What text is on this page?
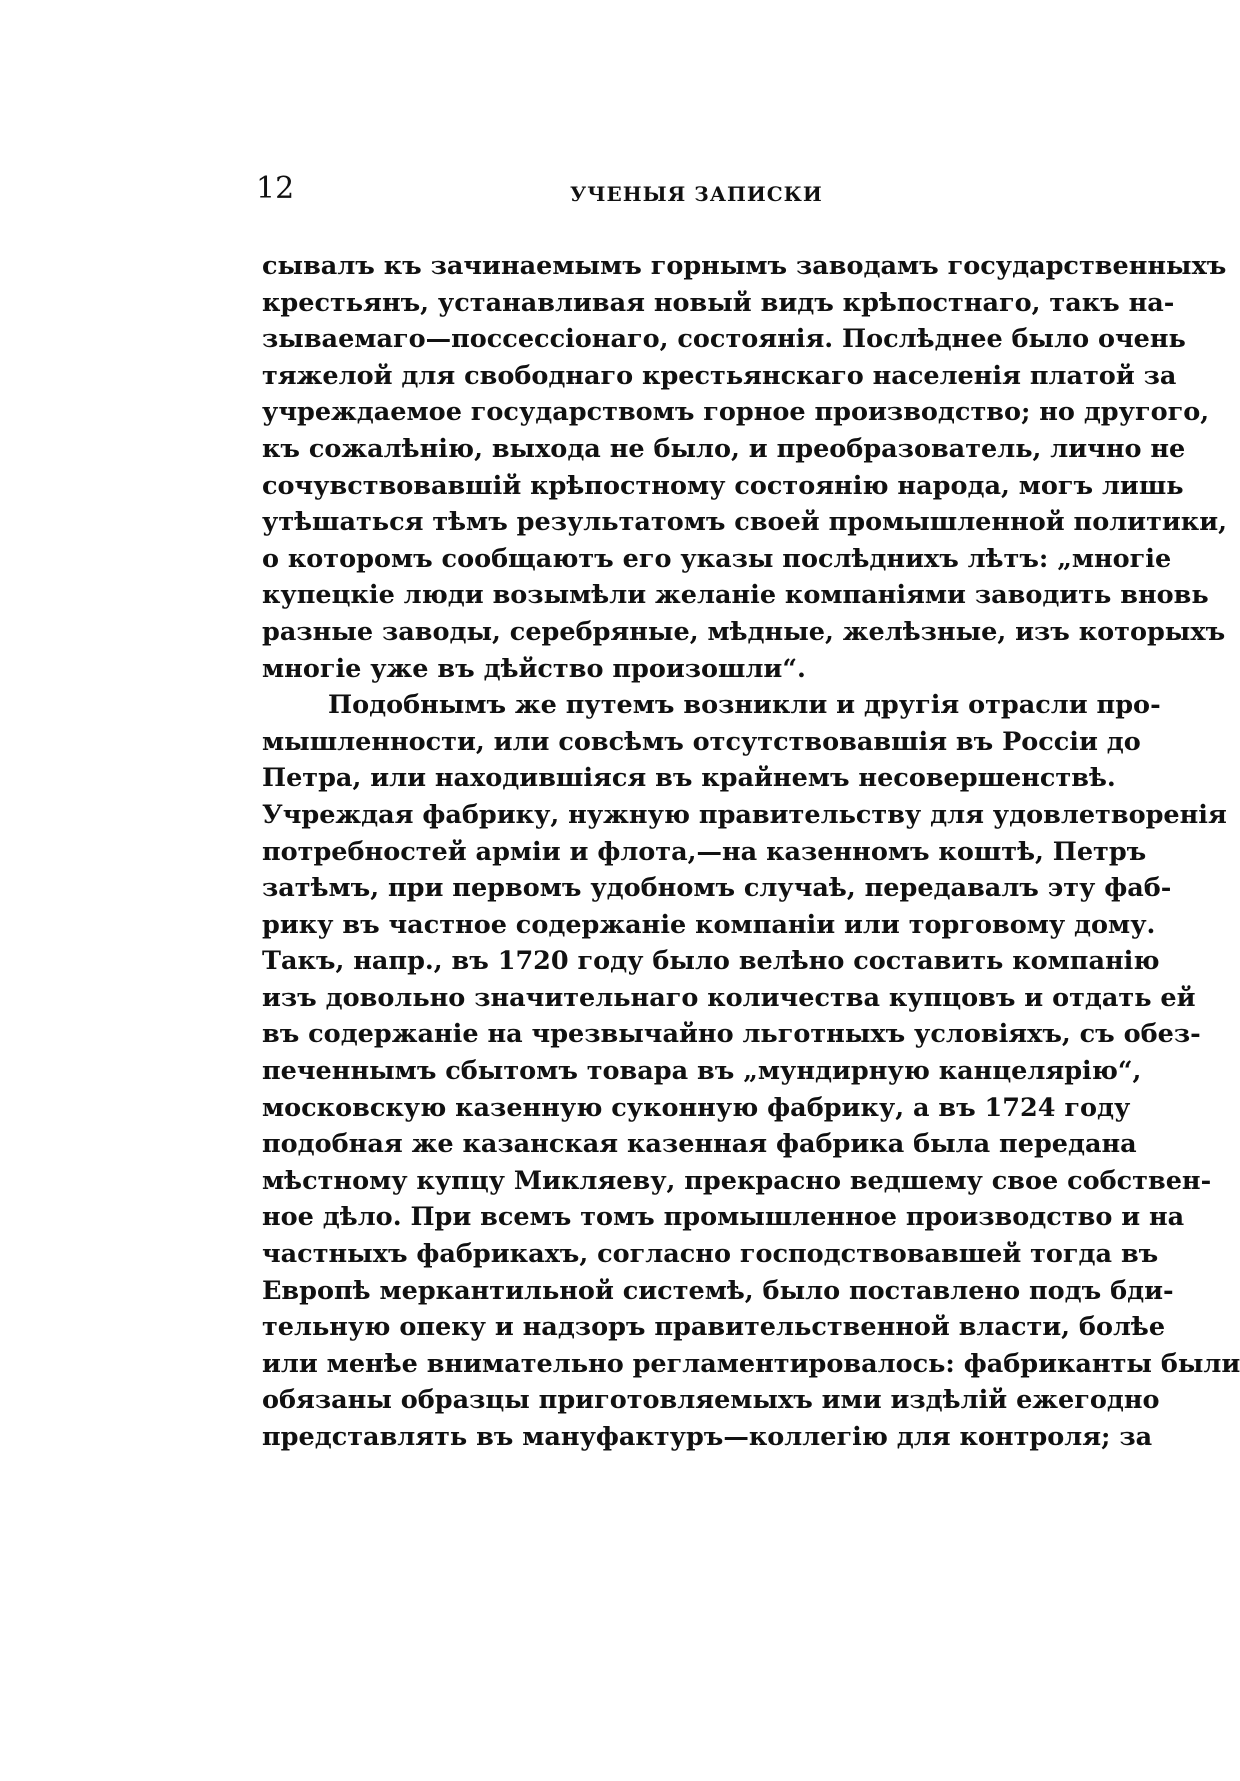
12	УЧЕНЫЯ ЗАПИСКИ

сывалъ къ зачинаемымъ горнымъ заводамъ государственныхъ
крестьянъ, устанавливая новый видъ крѣпостнаго, такъ на-
зываемаго—поссессіонаго, состоянія. Послѣднее было очень
тяжелой для свободнаго крестьянскаго населенія платой за
учреждаемое государствомъ горное производство; но другого,
къ сожалѣнію, выхода не было, и преобразователь, лично не
сочувствовавшій крѣпостному состоянію народа, могъ лишь
утѣшаться тѣмъ результатомъ своей промышленной политики,
о которомъ сообщаютъ его указы послѣднихъ лѣтъ: „многіе
купецкіе люди возымѣли желаніе компаніями заводить вновь
разные заводы, серебряные, мѣдные, желѣзные, изъ которыхъ
многіе уже въ дѣйство произошли“.
Подобнымъ же путемъ возникли и другія отрасли про-
мышленности, или совсѣмъ отсутствовавшія въ Россіи до
Петра, или находившіяся въ крайнемъ несовершенствѣ.
Учреждая фабрику, нужную правительству для удовлетворенія
потребностей арміи и флота,—на казенномъ коштѣ, Петръ
затѣмъ, при первомъ удобномъ случаѣ, передавалъ эту фаб-
рику въ частное содержаніе компаніи или торговому дому.
Такъ, напр., въ 1720 году было велѣно составить компанію
изъ довольно значительнаго количества купцовъ и отдать ей
въ содержаніе на чрезвычайно льготныхъ условіяхъ, съ обез-
печеннымъ сбытомъ товара въ „мундирную канцелярію“,
московскую казенную суконную фабрику, а въ 1724 году
подобная же казанская казенная фабрика была передана
мѣстному купцу Микляеву, прекрасно ведшему свое собствен-
ное дѣло. При всемъ томъ промышленное производство и на
частныхъ фабрикахъ, согласно господствовавшей тогда въ
Европѣ меркантильной системѣ, было поставлено подъ бди-
тельную опеку и надзоръ правительственной власти, болѣе
или менѣе внимательно регламентировалось: фабриканты были
обязаны образцы приготовляемыхъ ими издѣлій ежегодно
представлять въ мануфактуръ—коллегію для контроля; за
